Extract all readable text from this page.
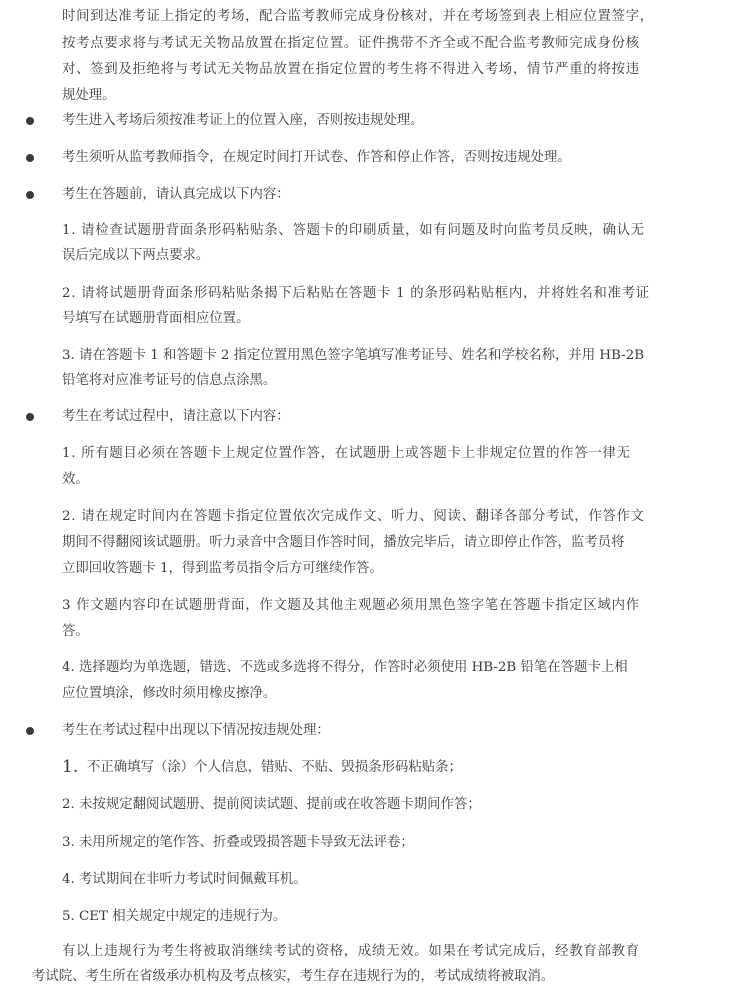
时间到达准考证上指定的考场，配合监考教师完成身份核对，并在考场签到表上相应位置签字，
按考点要求将与考试无关物品放置在指定位置。证件携带不齐全或不配合监考教师完成身份核
对、签到及拒绝将与考试无关物品放置在指定位置的考生将不得进入考场，情节严重的将按违
规处理。
考生进入考场后须按准考证上的位置入座，否则按违规处理。
考生须听从监考教师指令，在规定时间打开试卷、作答和停止作答，否则按违规处理。
考生在答题前，请认真完成以下内容：
1. 请检查试题册背面条形码粘贴条、答题卡的印刷质量，如有问题及时向监考员反映，确认无
误后完成以下两点要求。
2. 请将试题册背面条形码粘贴条揭下后粘贴在答题卡 1 的条形码粘贴框内，并将姓名和准考证
号填写在试题册背面相应位置。
3. 请在答题卡 1 和答题卡 2 指定位置用黑色签字笔填写准考证号、姓名和学校名称，并用 HB-2B
铅笔将对应准考证号的信息点涂黑。
考生在考试过程中，请注意以下内容：
1. 所有题目必须在答题卡上规定位置作答，在试题册上或答题卡上非规定位置的作答一律无
效。
2. 请在规定时间内在答题卡指定位置依次完成作文、听力、阅读、翻译各部分考试，作答作文
期间不得翻阅该试题册。听力录音中含题目作答时间，播放完毕后，请立即停止作答，监考员将
立即回收答题卡 1，得到监考员指令后方可继续作答。
3 作文题内容印在试题册背面，作文题及其他主观题必须用黑色签字笔在答题卡指定区域内作
答。
4. 选择题均为单选题，错选、不选或多选将不得分，作答时必须使用 HB-2B 铅笔在答题卡上相
应位置填涂，修改时须用橡皮擦净。
考生在考试过程中出现以下情况按违规处理：
1. 不正确填写（涂）个人信息，错贴、不贴、毁损条形码粘贴条；
2. 未按规定翻阅试题册、提前阅读试题、提前或在收答题卡期间作答；
3. 未用所规定的笔作答、折叠或毁损答题卡导致无法评卷；
4. 考试期间在非听力考试时间佩戴耳机。
5. CET 相关规定中规定的违规行为。
有以上违规行为考生将被取消继续考试的资格，成绩无效。如果在考试完成后，经教育部教育
考试院、考生所在省级承办机构及考点核实，考生存在违规行为的，考试成绩将被取消。
